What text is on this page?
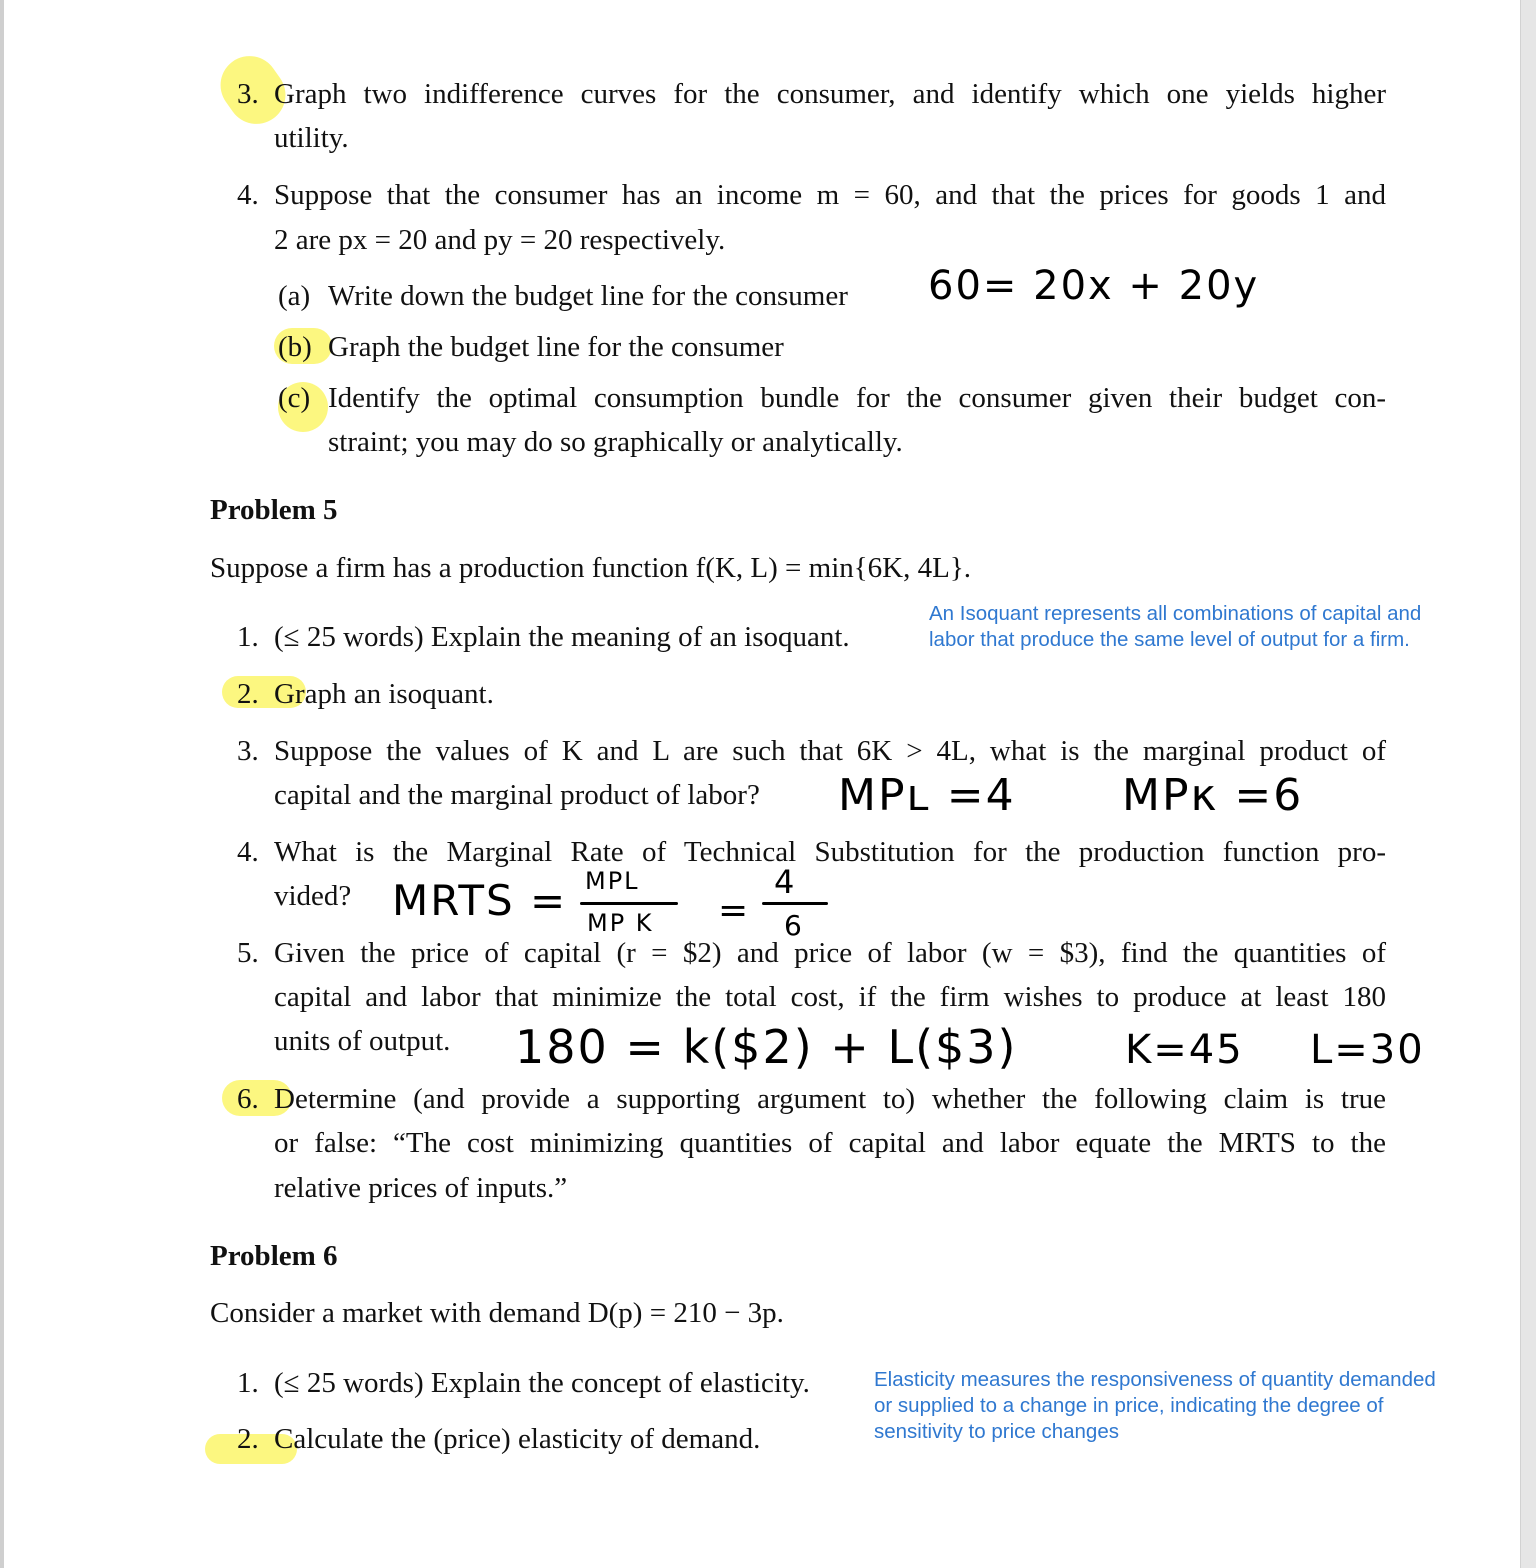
3. Graph two indifference curves for the consumer, and identify which one yields higher
utility.
4. Suppose that the consumer has an income m = 60, and that the prices for goods 1 and
2 are px = 20 and py = 20 respectively.
(a) Write down the budget line for the consumer 60= 20x + 20y
(b) Graph the budget line for the consumer
(c) Identify the optimal consumption bundle for the consumer given their budget con-
straint; you may do so graphically or analytically.
Problem 5
Suppose a firm has a production function f(K, L) = min{6K, 4L}.
1. (≤ 25 words) Explain the meaning of an isoquant.
An Isoquant represents all combinations of capital and
labor that produce the same level of output for a firm.
2. Graph an isoquant.
3. Suppose the values of K and L are such that 6K > 4L, what is the marginal product of
capital and the marginal product of labor? MPʟ =4 MPκ =6
4. What is the Marginal Rate of Technical Substitution for the production function pro-
vided? MRTS = MPL
MP K =
4
6
5. Given the price of capital (r = $2) and price of labor (w = $3), find the quantities of
capital and labor that minimize the total cost, if the firm wishes to produce at least 180
units of output. 180 = k($2) + L($3)	K=45 L=30
6. Determine (and provide a supporting argument to) whether the following claim is true
or false: “The cost minimizing quantities of capital and labor equate the MRTS to the
relative prices of inputs.”
Problem 6
Consider a market with demand D(p) = 210 − 3p.
1. (≤ 25 words) Explain the concept of elasticity.	Elasticity measures the responsiveness of quantity demanded
or supplied to a change in price, indicating the degree of
sensitivity to price changes
2. Calculate the (price) elasticity of demand.
